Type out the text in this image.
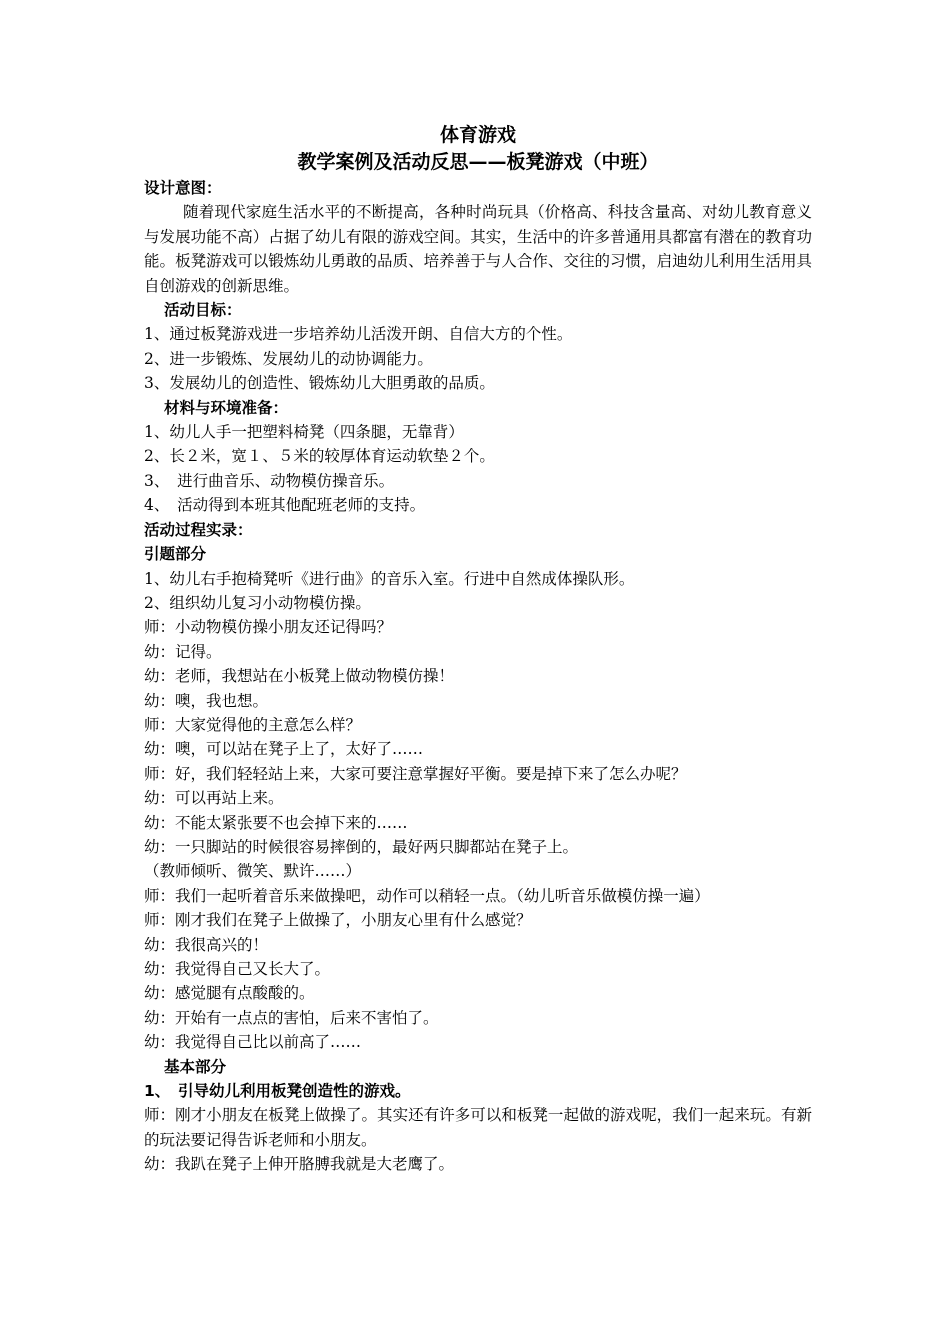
体育游戏

教学案例及活动反思——板凳游戏（中班）

设计意图：

随着现代家庭生活水平的不断提高，各种时尚玩具（价格高、科技含量高、对幼儿教育意义与发展功能不高）占据了幼儿有限的游戏空间。其实，生活中的许多普通用具都富有潜在的教育功能。板凳游戏可以锻炼幼儿勇敢的品质、培养善于与人合作、交往的习惯，启迪幼儿利用生活用具自创游戏的创新思维。

活动目标：

1、通过板凳游戏进一步培养幼儿活泼开朗、自信大方的个性。

2、进一步锻炼、发展幼儿的动协调能力。

3、发展幼儿的创造性、锻炼幼儿大胆勇敢的品质。

材料与环境准备：

1、幼儿人手一把塑料椅凳（四条腿，无靠背）

2、长２米，宽１、５米的较厚体育运动软垫２个。

3、　进行曲音乐、动物模仿操音乐。

4、　活动得到本班其他配班老师的支持。

活动过程实录：

引题部分

1、幼儿右手抱椅凳听《进行曲》的音乐入室。行进中自然成体操队形。

2、组织幼儿复习小动物模仿操。

师：小动物模仿操小朋友还记得吗？

幼：记得。

幼：老师，我想站在小板凳上做动物模仿操！

幼：噢，我也想。

师：大家觉得他的主意怎么样？

幼：噢，可以站在凳子上了，太好了……

师：好，我们轻轻站上来，大家可要注意掌握好平衡。要是掉下来了怎么办呢？

幼：可以再站上来。

幼：不能太紧张要不也会掉下来的……

幼：一只脚站的时候很容易摔倒的，最好两只脚都站在凳子上。

（教师倾听、微笑、默许……）

师：我们一起听着音乐来做操吧，动作可以稍轻一点。（幼儿听音乐做模仿操一遍）

师：刚才我们在凳子上做操了，小朋友心里有什么感觉？

幼：我很高兴的！

幼：我觉得自己又长大了。

幼：感觉腿有点酸酸的。

幼：开始有一点点的害怕，后来不害怕了。

幼：我觉得自己比以前高了……

基本部分

1、　引导幼儿利用板凳创造性的游戏。

师：刚才小朋友在板凳上做操了。其实还有许多可以和板凳一起做的游戏呢，我们一起来玩。有新的玩法要记得告诉老师和小朋友。

幼：我趴在凳子上伸开胳膊我就是大老鹰了。
